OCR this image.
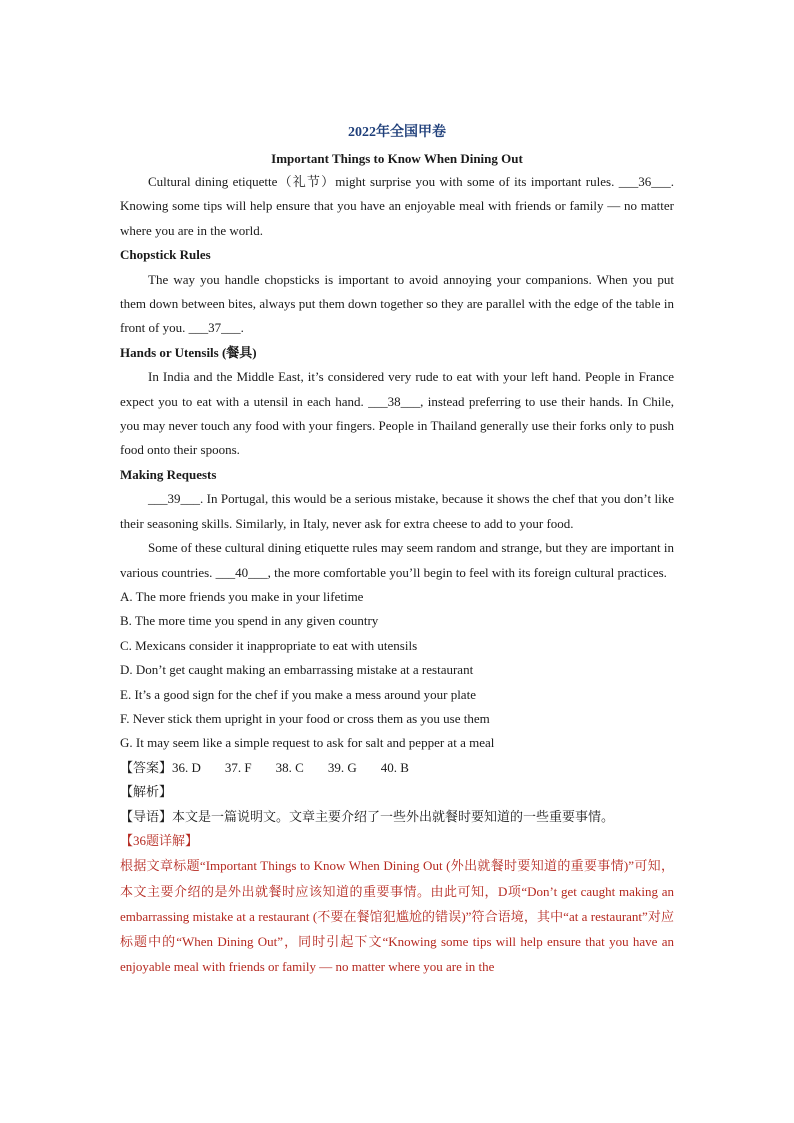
2022年全国甲卷

Important Things to Know When Dining Out

Cultural dining etiquette（礼节）might surprise you with some of its important rules. ___36___. Knowing some tips will help ensure that you have an enjoyable meal with friends or family — no matter where you are in the world.

Chopstick Rules

The way you handle chopsticks is important to avoid annoying your companions. When you put them down between bites, always put them down together so they are parallel with the edge of the table in front of you. ___37___.

Hands or Utensils (餐具)

In India and the Middle East, it’s considered very rude to eat with your left hand. People in France expect you to eat with a utensil in each hand. ___38___, instead preferring to use their hands. In Chile, you may never touch any food with your fingers. People in Thailand generally use their forks only to push food onto their spoons.

Making Requests

___39___. In Portugal, this would be a serious mistake, because it shows the chef that you don’t like their seasoning skills. Similarly, in Italy, never ask for extra cheese to add to your food.

Some of these cultural dining etiquette rules may seem random and strange, but they are important in various countries. ___40___, the more comfortable you’ll begin to feel with its foreign cultural practices.

A. The more friends you make in your lifetime

B. The more time you spend in any given country

C. Mexicans consider it inappropriate to eat with utensils

D. Don’t get caught making an embarrassing mistake at a restaurant

E. It’s a good sign for the chef if you make a mess around your plate

F. Never stick them upright in your food or cross them as you use them

G. It may seem like a simple request to ask for salt and pepper at a meal

【答案】36. D 37. F 38. C 39. G 40. B

【解析】

【导语】本文是一篇说明文。文章主要介绍了一些外出就餐时要知道的一些重要事情。

【36题详解】

根据文章标题“Important Things to Know When Dining Out (外出就餐时要知道的重要事情)”可知，本文主要介绍的是外出就餐时应该知道的重要事情。由此可知，D项“Don’t get caught making an embarrassing mistake at a restaurant (不要在餐馆犯尴尬的错误)”符合语境，其中“at a restaurant”对应标题中的“When Dining Out”，同时引起下文“Knowing some tips will help ensure that you have an enjoyable meal with friends or family — no matter where you are in the
